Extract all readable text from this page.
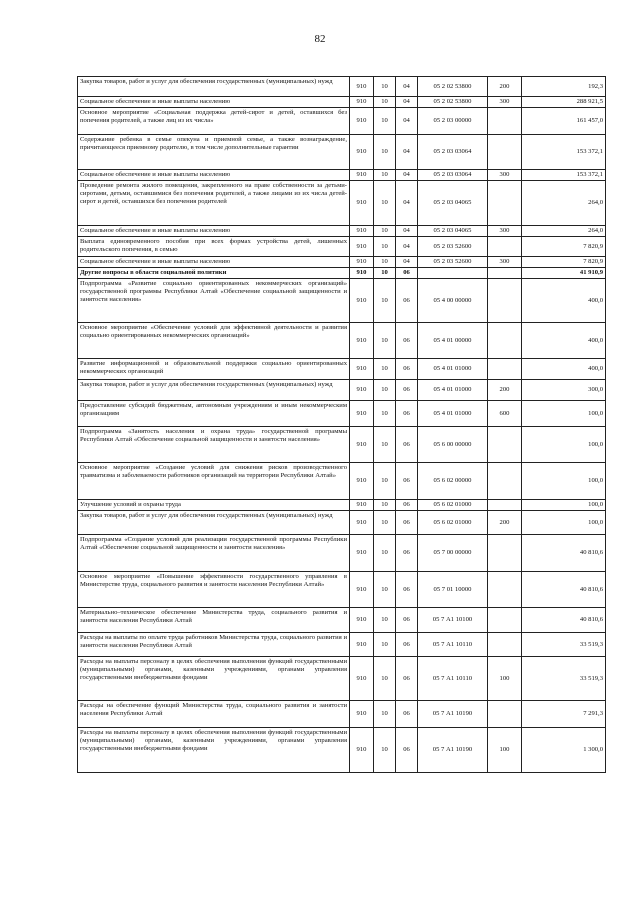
82
Закупка товаров, работ и услуг для обеспечения государственных (муниципальных) нужд	910	10	04	05 2 02 53800	200	192,3
Социальное обеспечение и иные выплаты населению	910	10	04	05 2 02 53800	300	288 921,5
Основное мероприятие «Социальная поддержка детей-сирот и детей, оставшихся без попечения родителей, а также лиц из их числа»	910	10	04	05 2 03 00000		161 457,0
Содержание ребенка в семье опекуна и приемной семье, а также вознаграждение, причитающееся приемному родителю, в том числе дополнительные гарантии	910	10	04	05 2 03 03064		153 372,1
Социальное обеспечение и иные выплаты населению	910	10	04	05 2 03 03064	300	153 372,1
Проведение ремонта жилого помещения, закрепленного на праве собственности за детьми-сиротами, детьми, оставшимися без попечения родителей, а также лицами из их числа детей-сирот и детей, оставшихся без попечения родителей	910	10	04	05 2 03 04065		264,0
Социальное обеспечение и иные выплаты населению	910	10	04	05 2 03 04065	300	264,0
Выплата единовременного пособия при всех формах устройства детей, лишенных родительского попечения, в семью	910	10	04	05 2 03 52600		7 820,9
Социальное обеспечение и иные выплаты населению	910	10	04	05 2 03 52600	300	7 820,9
Другие вопросы в области социальной политики	910	10	06			41 910,9
Подпрограмма «Развитие социально ориентированных некоммерческих организаций» государственной программы Республики Алтай «Обеспечение социальной защищенности и занятости населения»	910	10	06	05 4 00 00000		400,0
Основное мероприятие «Обеспечение условий для эффективной деятельности и развития социально ориентированных некоммерческих организаций»	910	10	06	05 4 01 00000		400,0
Развитие информационной и образовательной поддержки социально ориентированных некоммерческих организаций	910	10	06	05 4 01 01000		400,0
Закупка товаров, работ и услуг для обеспечения государственных (муниципальных) нужд	910	10	06	05 4 01 01000	200	300,0
Предоставление субсидий бюджетным, автономным учреждениям и иным некоммерческим организациям	910	10	06	05 4 01 01000	600	100,0
Подпрограмма «Занятость населения и охрана труда» государственной программы Республики Алтай «Обеспечение социальной защищенности и занятости населения»	910	10	06	05 6 00 00000		100,0
Основное мероприятие «Создание условий для снижения рисков производственного травматизма и заболеваемости работников организаций на территории Республики Алтай»	910	10	06	05 6 02 00000		100,0
Улучшение условий и охраны труда	910	10	06	05 6 02 01000		100,0
Закупка товаров, работ и услуг для обеспечения государственных (муниципальных) нужд	910	10	06	05 6 02 01000	200	100,0
Подпрограмма «Создание условий для реализации государственной программы Республики Алтай «Обеспечение социальной защищенности и занятости населения»	910	10	06	05 7 00 00000		40 810,6
Основное мероприятие «Повышение эффективности государственного управления в Министерстве труда, социального развития и занятости населения Республики Алтай»	910	10	06	05 7 01 10000		40 810,6
Материально–техническое обеспечение Министерства труда, социального развития и занятости населения Республики Алтай	910	10	06	05 7 А1 10100		40 810,6
Расходы на выплаты по оплате труда работников Министерства труда, социального развития и занятости населения Республики Алтай	910	10	06	05 7 А1 10110		33 519,3
Расходы на выплаты персоналу в целях обеспечения выполнения функций государственными (муниципальными) органами, казенными учреждениями, органами управления государственными внебюджетными фондами	910	10	06	05 7 А1 10110	100	33 519,3
Расходы на обеспечение функций Министерства труда, социального развития и занятости населения Республики Алтай	910	10	06	05 7 А1 10190		7 291,3
Расходы на выплаты персоналу в целях обеспечения выполнения функций государственными (муниципальными) органами, казенными учреждениями, органами управления государственными внебюджетными фондами	910	10	06	05 7 А1 10190	100	1 300,0
